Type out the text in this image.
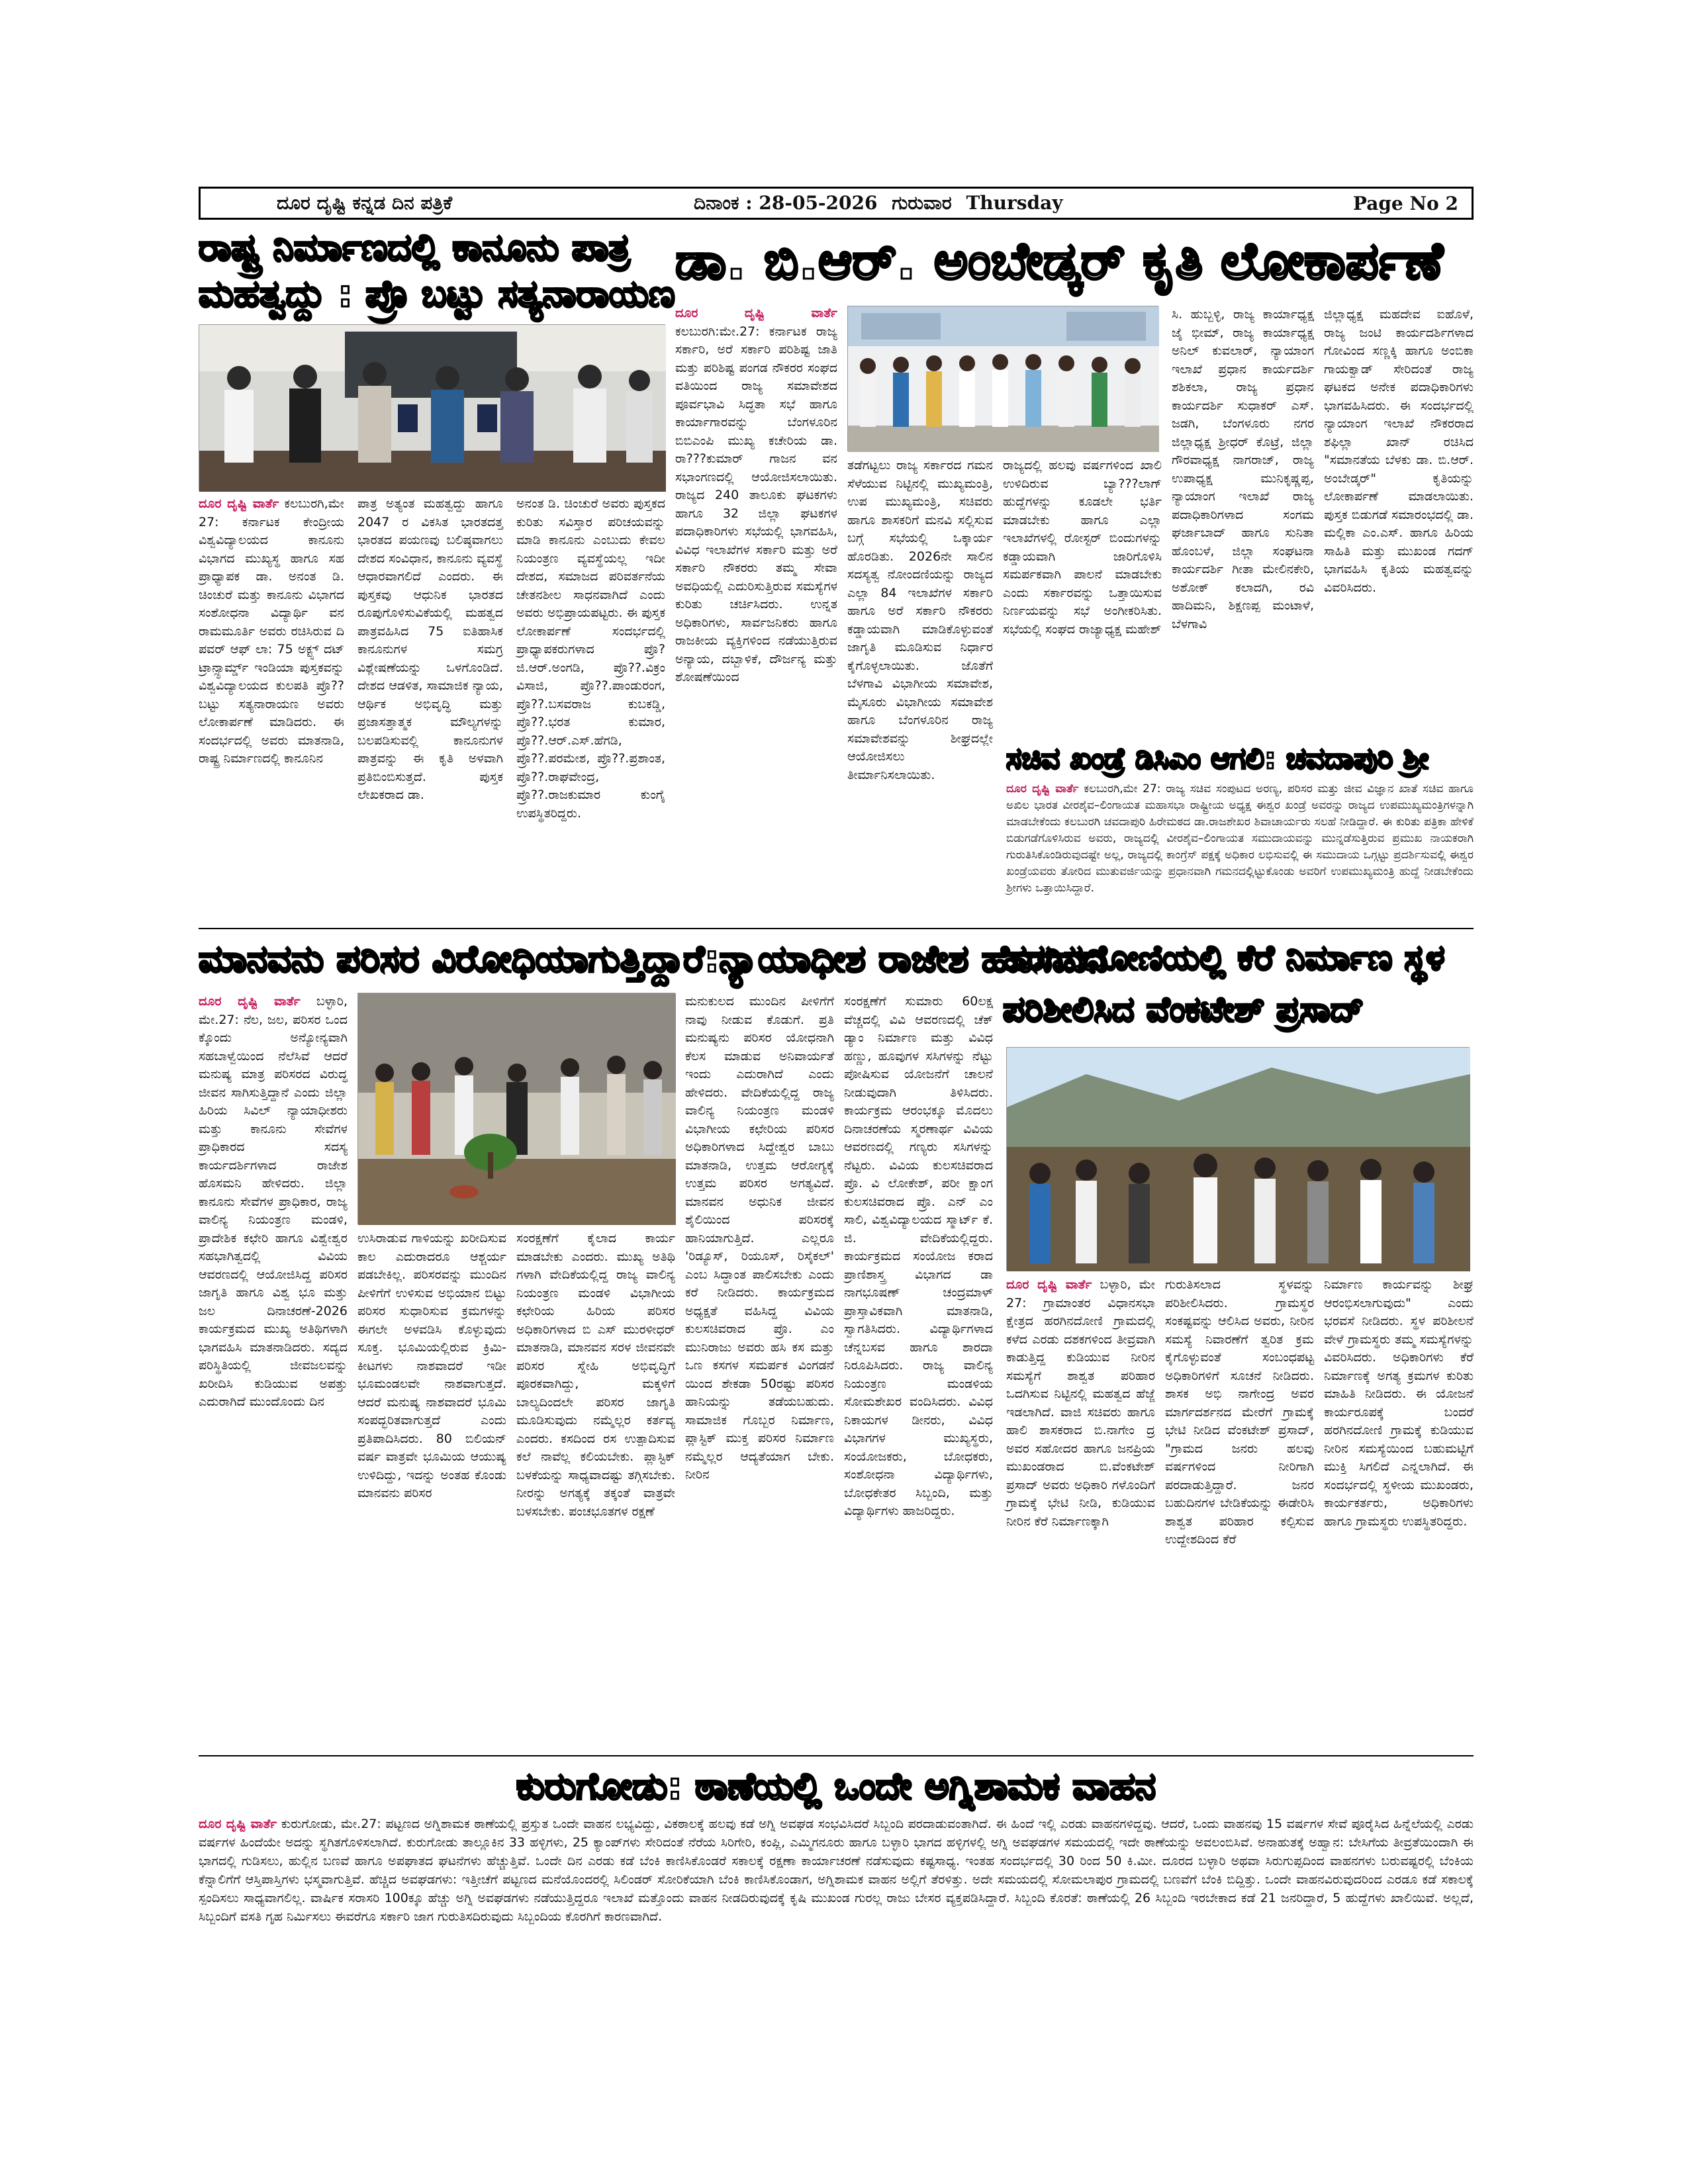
ದೂರ ದೃಷ್ಟಿ ಕನ್ನಡ ದಿನ ಪತ್ರಿಕೆ	ದಿನಾಂಕ : 28-05-2026 ಗುರುವಾರ Thursday	Page No 2
ರಾಷ್ಟ್ರ ನಿರ್ಮಾಣದಲ್ಲಿ ಕಾನೂನು ಪಾತ್ರ
ಮಹತ್ವದ್ದು : ಪ್ರೊ ಬಟ್ಟು ಸತ್ಯನಾರಾಯಣ
ದೂರ ದೃಷ್ಟಿ ವಾರ್ತೆ ಕಲಬುರಗಿ,ಮೇ 27: ಕರ್ನಾಟಕ ಕೇಂದ್ರೀಯ ವಿಶ್ವವಿದ್ಯಾಲಯದ ಕಾನೂನು ವಿಭಾಗದ ಮುಖ್ಯಸ್ಥ ಹಾಗೂ ಸಹ ಪ್ರಾಧ್ಯಾಪಕ ಡಾ. ಅನಂತ ಡಿ. ಚಿಂಚುರೆ ಮತ್ತು ಕಾನೂನು ವಿಭಾಗದ ಸಂಶೋಧನಾ ವಿದ್ಯಾರ್ಥಿ ವನ ರಾಮಮೂರ್ತಿ ಅವರು ರಚಿಸಿರುವ ದಿ ಪವರ್ ಆಫ್ ಲಾ: 75 ಅಕ್ಟ್ಸ್ ದಟ್ ಟ್ರಾನ್ಸ್ಫಾರ್ಮ್ಡ್ ಇಂಡಿಯಾ ಪುಸ್ತಕವನ್ನು ವಿಶ್ವವಿದ್ಯಾಲಯದ ಕುಲಪತಿ ಪ್ರೊ?? ಬಟ್ಟು ಸತ್ಯನಾರಾಯಣ ಅವರು ಲೋಕಾರ್ಪಣೆ ಮಾಡಿದರು. ಈ ಸಂದರ್ಭದಲ್ಲಿ ಅವರು ಮಾತನಾಡಿ, ರಾಷ್ಟ್ರ ನಿರ್ಮಾಣದಲ್ಲಿ ಕಾನೂನಿನ
ಪಾತ್ರ ಅತ್ಯಂತ ಮಹತ್ವದ್ದು ಹಾಗೂ 2047 ರ ವಿಕಸಿತ ಭಾರತದತ್ತ ಭಾರತದ ಪಯಣವು ಬಲಿಷ್ಠವಾಗಲು ದೇಶದ ಸಂವಿಧಾನ, ಕಾನೂನು ವ್ಯವಸ್ಥೆ ಆಧಾರವಾಗಲಿದೆ ಎಂದರು. ಈ ಪುಸ್ತಕವು ಆಧುನಿಕ ಭಾರತದ ರೂಪುಗೊಳಿಸುವಿಕೆಯಲ್ಲಿ ಮಹತ್ವದ ಪಾತ್ರವಹಿಸಿದ 75 ಐತಿಹಾಸಿಕ ಕಾನೂನುಗಳ ಸಮಗ್ರ ವಿಶ್ಲೇಷಣೆಯನ್ನು ಒಳಗೊಂಡಿದೆ. ದೇಶದ ಆಡಳಿತ, ಸಾಮಾಜಿಕ ನ್ಯಾಯ, ಆರ್ಥಿಕ ಅಭಿವೃದ್ಧಿ ಮತ್ತು ಪ್ರಜಾಸತ್ತಾತ್ಮಕ ಮೌಲ್ಯಗಳನ್ನು ಬಲಪಡಿಸುವಲ್ಲಿ ಕಾನೂನುಗಳ ಪಾತ್ರವನ್ನು ಈ ಕೃತಿ ಅಳವಾಗಿ ಪ್ರತಿಬಿಂಬಿಸುತ್ತದೆ. ಪುಸ್ತಕ ಲೇಖಕರಾದ ಡಾ.
ಅನಂತ ಡಿ. ಚಿಂಚುರೆ ಅವರು ಪುಸ್ತಕದ ಕುರಿತು ಸವಿಸ್ತಾರ ಪರಿಚಯವನ್ನು ಮಾಡಿ ಕಾನೂನು ಎಂಬುದು ಕೇವಲ ನಿಯಂತ್ರಣ ವ್ಯವಸ್ಥೆಯಲ್ಲ ಇದೀ ದೇಶದ, ಸಮಾಜದ ಪರಿವರ್ತನೆಯ ಚೇತನಶೀಲ ಸಾಧನವಾಗಿದೆ ಎಂದು ಅವರು ಅಭಿಪ್ರಾಯಪಟ್ಟರು. ಈ ಪುಸ್ತಕ ಲೋಕಾರ್ಪಣೆ ಸಂದರ್ಭದಲ್ಲಿ ಪ್ರಾಧ್ಯಾಪಕರುಗಳಾದ ಪ್ರೊ?ಜಿ.ಆರ್.ಅಂಗಡಿ, ಪ್ರೊ??.ವಿಕ್ರಂ ವಿಸಾಜಿ, ಪ್ರೊ??.ಪಾಂಡುರಂಗ, ಪ್ರೊ??.ಬಸವರಾಜ ಕುಬಕಡ್ಡಿ, ಪ್ರೊ??.ಭರತ ಕುಮಾರ, ಪ್ರೊ??.ಆರ್.ಎಸ್.ಹೆಗಡಿ, ಪ್ರೊ??.ಪರಮೇಶ, ಪ್ರೊ??.ಪ್ರಶಾಂತ, ಪ್ರೊ??.ರಾಘವೇಂದ್ರ, ಪ್ರೊ??.ರಾಜಕುಮಾರ ಕುಂಗೈ ಉಪಸ್ಥಿತರಿದ್ದರು.
ಡಾ. ಬಿ.ಆರ್. ಅಂಬೇಡ್ಕರ್ ಕೃತಿ ಲೋಕಾರ್ಪಣೆ
ದೂರ ದೃಷ್ಟಿ ವಾರ್ತೆ ಕಲಬುರಗಿ:ಮೇ.27: ಕರ್ನಾಟಕ ರಾಜ್ಯ ಸರ್ಕಾರಿ, ಅರೆ ಸರ್ಕಾರಿ ಪರಿಶಿಷ್ಟ ಜಾತಿ ಮತ್ತು ಪರಿಶಿಷ್ಟ ಪಂಗಡ ನೌಕರರ ಸಂಘದ ವತಿಯಿಂದ ರಾಜ್ಯ ಸಮಾವೇಶದ ಪೂರ್ವಭಾವಿ ಸಿದ್ಧತಾ ಸಭೆ ಹಾಗೂ ಕಾರ್ಯಾಗಾರವನ್ನು ಬೆಂಗಳೂರಿನ ಬಿಬಿಎಂಪಿ ಮುಖ್ಯ ಕಚೇರಿಯ ಡಾ. ರಾ???ಕುಮಾರ್ ಗಾಜನ ವನ ಸಭಾಂಗಣದಲ್ಲಿ ಆಯೋಜಿಸಲಾಯಿತು. ರಾಜ್ಯದ 240 ತಾಲೂಕು ಘಟಕಗಳು ಹಾಗೂ 32 ಜಿಲ್ಲಾ ಘಟಕಗಳ ಪದಾಧಿಕಾರಿಗಳು ಸಭೆಯಲ್ಲಿ ಭಾಗವಹಿಸಿ, ವಿವಿಧ ಇಲಾಖೆಗಳ ಸರ್ಕಾರಿ ಮತ್ತು ಅರೆ ಸರ್ಕಾರಿ ನೌಕರರು ತಮ್ಮ ಸೇವಾ ಅವಧಿಯಲ್ಲಿ ಎದುರಿಸುತ್ತಿರುವ ಸಮಸ್ಯೆಗಳ ಕುರಿತು ಚರ್ಚಿಸಿದರು. ಉನ್ನತ ಅಧಿಕಾರಿಗಳು, ಸಾರ್ವಜನಿಕರು ಹಾಗೂ ರಾಜಕೀಯ ವ್ಯಕ್ತಿಗಳಿಂದ ನಡೆಯುತ್ತಿರುವ ಅನ್ಯಾಯ, ದಬ್ಬಾಳಿಕೆ, ದೌರ್ಜನ್ಯ ಮತ್ತು ಶೋಷಣೆಯಿಂದ
ತಡೆಗಟ್ಟಲು ರಾಜ್ಯ ಸರ್ಕಾರದ ಗಮನ ಸೆಳೆಯುವ ನಿಟ್ಟಿನಲ್ಲಿ ಮುಖ್ಯಮಂತ್ರಿ, ಉಪ ಮುಖ್ಯಮಂತ್ರಿ, ಸಚಿವರು ಹಾಗೂ ಶಾಸಕರಿಗೆ ಮನವಿ ಸಲ್ಲಿಸುವ ಬಗ್ಗೆ ಸಭೆಯಲ್ಲಿ ಒಕ್ಕಾರ್ಯ ಹೊರಡಿತು. 2026ನೇ ಸಾಲಿನ ಸದಸ್ಯತ್ವ ನೋಂದಣಿಯನ್ನು ರಾಜ್ಯದ ಎಲ್ಲಾ 84 ಇಲಾಖೆಗಳ ಸರ್ಕಾರಿ ಹಾಗೂ ಅರೆ ಸರ್ಕಾರಿ ನೌಕರರು ಕಡ್ಡಾಯವಾಗಿ ಮಾಡಿಕೊಳ್ಳುವಂತೆ ಜಾಗೃತಿ ಮೂಡಿಸುವ ನಿರ್ಧಾರ ಕೈಗೊಳ್ಳಲಾಯಿತು. ಜೊತೆಗೆ ಬೆಳಗಾವಿ ವಿಭಾಗೀಯ ಸಮಾವೇಶ, ಮೈಸೂರು ವಿಭಾಗೀಯ ಸಮಾವೇಶ ಹಾಗೂ ಬೆಂಗಳೂರಿನ ರಾಜ್ಯ ಸಮಾವೇಶವನ್ನು ಶೀಘ್ರದಲ್ಲೇ ಆಯೋಜಿಸಲು ತೀರ್ಮಾನಿಸಲಾಯಿತು.
ರಾಜ್ಯದಲ್ಲಿ ಹಲವು ವರ್ಷಗಳಿಂದ ಖಾಲಿ ಉಳಿದಿರುವ ಬ್ಯಾ???ಲಾಗ್ ಹುದ್ದೆಗಳನ್ನು ಕೂಡಲೇ ಭರ್ತಿ ಮಾಡಬೇಕು ಹಾಗೂ ಎಲ್ಲಾ ಇಲಾಖೆಗಳಲ್ಲಿ ರೋಸ್ಟರ್ ಬಿಂದುಗಳನ್ನು ಕಡ್ಡಾಯವಾಗಿ ಜಾರಿಗೊಳಿಸಿ ಸಮರ್ಪಕವಾಗಿ ಪಾಲನೆ ಮಾಡಬೇಕು ಎಂದು ಸರ್ಕಾರವನ್ನು ಒತ್ತಾಯಿಸುವ ನಿರ್ಣಯವನ್ನು ಸಭೆ ಅಂಗೀಕರಿಸಿತು. ಸಭೆಯಲ್ಲಿ ಸಂಘದ ರಾಜ್ಯಾಧ್ಯಕ್ಷ ಮಹೇಶ್
ಸಿ. ಹುಬ್ಬಳ್ಳಿ, ರಾಜ್ಯ ಕಾರ್ಯಾಧ್ಯಕ್ಷ ಜೈ ಭೀಮ್, ರಾಜ್ಯ ಕಾರ್ಯಾಧ್ಯಕ್ಷ ಅನಿಲ್ ಕುವಲಾರ್, ನ್ಯಾಯಾಂಗ ಇಲಾಖೆ ಪ್ರಧಾನ ಕಾರ್ಯದರ್ಶಿ ಶಶಿಕಲಾ, ರಾಜ್ಯ ಪ್ರಧಾನ ಕಾರ್ಯದರ್ಶಿ ಸುಧಾಕರ್ ಎಸ್. ಜಡಗಿ, ಬೆಂಗಳೂರು ನಗರ ಜಿಲ್ಲಾಧ್ಯಕ್ಷ ಶ್ರೀಧರ್ ಕೊಟ್ರೆ, ಜಿಲ್ಲಾ ಗೌರವಾಧ್ಯಕ್ಷ ನಾಗರಾಜ್, ರಾಜ್ಯ ಉಪಾಧ್ಯಕ್ಷ ಮುನಿಕೃಷ್ಣಪ್ಪ, ನ್ಯಾಯಾಂಗ ಇಲಾಖೆ ರಾಜ್ಯ ಪದಾಧಿಕಾರಿಗಳಾದ ಸಂಗಮ ಘರ್ಜಾಬಾದ್ ಹಾಗೂ ಸುನಿತಾ ಹೊಂಬಳೆ, ಜಿಲ್ಲಾ ಸಂಘಟನಾ ಕಾರ್ಯದರ್ಶಿ ಗೀತಾ ಮೇಲಿನಕೇರಿ, ಅಶೋಕ್ ಕಲಾದಗಿ, ರವಿ ಹಾದಿಮನಿ, ಶಿಕ್ಷಣಪ್ಪ ಮಂಟಾಳೆ, ಬೆಳಗಾವಿ
ಜಿಲ್ಲಾಧ್ಯಕ್ಷ ಮಹದೇವ ಐಹೊಳೆ, ರಾಜ್ಯ ಜಂಟಿ ಕಾರ್ಯದರ್ಶಿಗಳಾದ ಗೋವಿಂದ ಸಣ್ಣಕ್ಕಿ ಹಾಗೂ ಅಂಬಿಕಾ ಗಾಯಕ್ವಾಡ್ ಸೇರಿದಂತೆ ರಾಜ್ಯ ಘಟಕದ ಅನೇಕ ಪದಾಧಿಕಾರಿಗಳು ಭಾಗವಹಿಸಿದರು. ಈ ಸಂದರ್ಭದಲ್ಲಿ ನ್ಯಾಯಾಂಗ ಇಲಾಖೆ ನೌಕರರಾದ ಶಫಿಲ್ಲಾ ಖಾನ್ ರಚಿಸಿದ "ಸಮಾನತೆಯ ಬೆಳಕು ಡಾ. ಬಿ.ಆರ್. ಅಂಬೇಡ್ಕರ್" ಕೃತಿಯನ್ನು ಲೋಕಾರ್ಪಣೆ ಮಾಡಲಾಯಿತು. ಪುಸ್ತಕ ಬಿಡುಗಡೆ ಸಮಾರಂಭದಲ್ಲಿ ಡಾ. ಮಲ್ಲಿಕಾ ಎಂ.ಎಸ್. ಹಾಗೂ ಹಿರಿಯ ಸಾಹಿತಿ ಮತ್ತು ಮುಖಂಡ ಗದಗ್ ಭಾಗವಹಿಸಿ ಕೃತಿಯ ಮಹತ್ವವನ್ನು ವಿವರಿಸಿದರು.
ಸಚಿವ ಖಂಡ್ರೆ ಡಿಸಿಎಂ ಆಗಲಿ: ಚವದಾಪುರಿ ಶ್ರೀ
ದೂರ ದೃಷ್ಟಿ ವಾರ್ತೆ ಕಲಬುರಗಿ,ಮೇ 27: ರಾಜ್ಯ ಸಚಿವ ಸಂಪುಟದ ಅರಣ್ಯ, ಪರಿಸರ ಮತ್ತು ಜೀವ ವಿಜ್ಞಾನ ಖಾತೆ ಸಚಿವ ಹಾಗೂ ಅಖಿಲ ಭಾರತ ವೀರಶೈವ–ಲಿಂಗಾಯತ ಮಹಾಸಭಾ ರಾಷ್ಟ್ರೀಯ ಅಧ್ಯಕ್ಷ ಈಶ್ವರ ಖಂಡ್ರೆ ಅವರನ್ನು ರಾಜ್ಯದ ಉಪಮುಖ್ಯಮಂತ್ರಿಗಳನ್ನಾಗಿ ಮಾಡಬೇಕೆಂದು ಕಲಬುರಗಿ ಚವದಾಪುರಿ ಹಿರೇಮಠದ ಡಾ.ರಾಜಶೇಖರ ಶಿವಾಚಾರ್ಯರು ಸಲಹೆ ನೀಡಿದ್ದಾರೆ. ಈ ಕುರಿತು ಪತ್ರಿಕಾ ಹೇಳಿಕೆ ಬಿಡುಗಡೆಗೊಳಿಸಿರುವ ಅವರು, ರಾಜ್ಯದಲ್ಲಿ ವೀರಶೈವ–ಲಿಂಗಾಯತ ಸಮುದಾಯವನ್ನು ಮುನ್ನಡೆಸುತ್ತಿರುವ ಪ್ರಮುಖ ನಾಯಕರಾಗಿ ಗುರುತಿಸಿಕೊಂಡಿರುವುದಷ್ಟೇ ಅಲ್ಲ, ರಾಜ್ಯದಲ್ಲಿ ಕಾಂಗ್ರೆಸ್ ಪಕ್ಷಕ್ಕೆ ಅಧಿಕಾರ ಲಭಿಸುವಲ್ಲಿ ಈ ಸಮುದಾಯ ಒಗ್ಗಟ್ಟು ಪ್ರದರ್ಶಿಸುವಲ್ಲಿ ಈಶ್ವರ ಖಂಡ್ರೆಯವರು ತೋರಿದ ಮುತುವರ್ಜಿಯನ್ನು ಪ್ರಧಾನವಾಗಿ ಗಮನದಲ್ಲಿಟ್ಟುಕೊಂಡು ಅವರಿಗೆ ಉಪಮುಖ್ಯಮಂತ್ರಿ ಹುದ್ದೆ ನೀಡಬೇಕೆಂದು ಶ್ರೀಗಳು ಒತ್ತಾಯಿಸಿದ್ದಾರೆ.
ಮಾನವನು ಪರಿಸರ ವಿರೋಧಿಯಾಗುತ್ತಿದ್ದಾರೆ:ನ್ಯಾಯಾಧೀಶ ರಾಜೇಶ ಹೊಸಮನಿ
ದೂರ ದೃಷ್ಟಿ ವಾರ್ತೆ ಬಳ್ಳಾರಿ, ಮೇ.27: ನೆಲ, ಜಲ, ಪರಿಸರ ಒಂದ ಕ್ಕೊಂದು ಅನ್ಯೋನ್ಯವಾಗಿ ಸಹಬಾಳ್ವೆಯಿಂದ ನೆಲೆಸಿವೆ ಆದರೆ ಮನುಷ್ಯ ಮಾತ್ರ ಪರಿಸರದ ವಿರುದ್ಧ ಜೀವನ ಸಾಗಿಸುತ್ತಿದ್ದಾನೆ ಎಂದು ಜಿಲ್ಲಾ ಹಿರಿಯ ಸಿವಿಲ್ ನ್ಯಾಯಾಧೀಶರು ಮತ್ತು ಕಾನೂನು ಸೇವೆಗಳ ಪ್ರಾಧಿಕಾರದ ಸದಸ್ಯ ಕಾರ್ಯದರ್ಶಿಗಳಾದ ರಾಜೇಶ ಹೊಸಮನಿ ಹೇಳಿದರು. ಜಿಲ್ಲಾ ಕಾನೂನು ಸೇವೆಗಳ ಪ್ರಾಧಿಕಾರ, ರಾಜ್ಯ ವಾಲಿನ್ಯ ನಿಯಂತ್ರಣ ಮಂಡಳಿ, ಪ್ರಾದೇಶಿಕ ಕಛೇರಿ ಹಾಗೂ ವಿಶ್ವೇಶ್ವರ ಸಹಭಾಗಿತ್ವದಲ್ಲಿ ವಿವಿಯ ಆವರಣದಲ್ಲಿ ಆಯೋಜಿಸಿದ್ದ ಪರಿಸರ ಜಾಗೃತಿ ಹಾಗೂ ವಿಶ್ವ ಭೂ ಮತ್ತು ಜಲ ದಿನಾಚರಣೆ-2026 ಕಾರ್ಯಕ್ರಮದ ಮುಖ್ಯ ಅತಿಥಿಗಳಾಗಿ ಭಾಗವಹಿಸಿ ಮಾತನಾಡಿದರು. ಸದ್ಯದ ಪರಿಸ್ಥಿತಿಯಲ್ಲಿ ಜೀವಜಲವನ್ನು ಖರೀದಿಸಿ ಕುಡಿಯುವ ಅಪತ್ತು ಎದುರಾಗಿದೆ ಮುಂದೊಂದು ದಿನ
ಉಸಿರಾಡುವ ಗಾಳಿಯನ್ನು ಖರೀದಿಸುವ ಕಾಲ ಎದುರಾದರೂ ಆಶ್ಚರ್ಯ ಪಡಬೇಕಿಲ್ಲ. ಪರಿಸರವನ್ನು ಮುಂದಿನ ಪೀಳಿಗೆಗೆ ಉಳಿಸುವ ಅಭಿಯಾನ ಬಿಟ್ಟು ಪರಿಸರ ಸುಧಾರಿಸುವ ಕ್ರಮಗಳನ್ನು ಈಗಲೇ ಅಳವಡಿಸಿ ಕೊಳ್ಳುವುದು ಸೂಕ್ತ. ಭೂಮಿಯಲ್ಲಿರುವ ಕ್ರಿಮಿ-ಕೀಟಗಳು ನಾಶವಾದರೆ ಇಡೀ ಭೂಮಂಡಲವೇ ನಾಶವಾಗುತ್ತದೆ. ಆದರೆ ಮನುಷ್ಯ ನಾಶವಾದರೆ ಭೂಮಿ ಸಂಪದ್ಭರಿತವಾಗುತ್ತದೆ ಎಂದು ಪ್ರತಿಪಾದಿಸಿದರು. 80 ಬಿಲಿಯನ್ ವರ್ಷ ವಾತ್ರವೇ ಭೂಮಿಯ ಆಯುಷ್ಯ ಉಳಿದಿದ್ದು, ಇದನ್ನು ಅಂತಹ ಕೊಂಡು ಮಾನವನು ಪರಿಸರ
ಸಂರಕ್ಷಣೆಗೆ ಕೈಲಾದ ಕಾರ್ಯ ಮಾಡಬೇಕು ಎಂದರು. ಮುಖ್ಯ ಅತಿಥಿ ಗಳಾಗಿ ವೇದಿಕೆಯಲ್ಲಿದ್ದ ರಾಜ್ಯ ವಾಲಿನ್ಯ ನಿಯಂತ್ರಣ ಮಂಡಳಿ ವಿಭಾಗೀಯ ಕಛೇರಿಯ ಹಿರಿಯ ಪರಿಸರ ಅಧಿಕಾರಿಗಳಾದ ಬಿ ಎಸ್ ಮುರಳೀಧರ್ ಮಾತನಾಡಿ, ಮಾನವನ ಸರಳ ಜೀವನವೇ ಪರಿಸರ ಸ್ನೇಹಿ ಅಭಿವೃದ್ಧಿಗೆ ಪೂರಕವಾಗಿದ್ದು, ಮಕ್ಕಳಿಗೆ ಬಾಲ್ಯದಿಂದಲೇ ಪರಿಸರ ಜಾಗೃತಿ ಮೂಡಿಸುವುದು ನಮ್ಮೆಲ್ಲರ ಕರ್ತವ್ಯ ಎಂದರು. ಕಸದಿಂದ ರಸ ಉತ್ಪಾದಿಸುವ ಕಲೆ ನಾವೆಲ್ಲ ಕಲಿಯಬೇಕು. ಪ್ಲಾಸ್ಟಿಕ್ ಬಳಕೆಯನ್ನು ಸಾಧ್ಯವಾದಷ್ಟು ತಗ್ಗಿಸಬೇಕು. ನೀರನ್ನು ಅಗತ್ಯಕ್ಕೆ ತಕ್ಕಂತೆ ವಾತ್ರವೇ ಬಳಸಬೇಕು. ಪಂಚಭೂತಗಳ ರಕ್ಷಣೆ
ಮನುಕುಲದ ಮುಂದಿನ ಪೀಳಿಗೆಗೆ ನಾವು ನೀಡುವ ಕೊಡುಗೆ. ಪ್ರತಿ ಮನುಷ್ಯನು ಪರಿಸರ ಯೋಧನಾಗಿ ಕೆಲಸ ಮಾಡುವ ಅನಿವಾರ್ಯತೆ ಇಂದು ಎದುರಾಗಿದೆ ಎಂದು ಹೇಳಿದರು. ವೇದಿಕೆಯಲ್ಲಿದ್ದ ರಾಜ್ಯ ವಾಲಿನ್ಯ ನಿಯಂತ್ರಣ ಮಂಡಳಿ ವಿಭಾಗೀಯ ಕಛೇರಿಯ ಪರಿಸರ ಅಧಿಕಾರಿಗಳಾದ ಸಿದ್ದೇಶ್ವರ ಬಾಬು ಮಾತನಾಡಿ, ಉತ್ತಮ ಆರೋಗ್ಯಕ್ಕೆ ಉತ್ತಮ ಪರಿಸರ ಅಗತ್ಯವಿದೆ. ಮಾನವನ ಅಧುನಿಕ ಜೀವನ ಶೈಲಿಯಿಂದ ಪರಿಸರಕ್ಕೆ ಹಾನಿಯಾಗುತ್ತಿದೆ. ಎಲ್ಲರೂ 'ರಿಡ್ಯೂಸ್, ರಿಯೂಸ್, ರಿಸೈಕಲ್' ಎಂಬ ಸಿದ್ಧಾಂತ ಪಾಲಿಸಬೇಕು ಎಂದು ಕರೆ ನೀಡಿದರು. ಕಾರ್ಯಕ್ರಮದ ಅಧ್ಯಕ್ಷತೆ ವಹಿಸಿದ್ದ ವಿವಿಯ ಕುಲಸಚಿವರಾದ ಪ್ರೊ. ಎಂ ಮುನಿರಾಜು ಅವರು ಹಸಿ ಕಸ ಮತ್ತು ಒಣ ಕಸಗಳ ಸಮರ್ಪಕ ವಿಂಗಡನೆ ಯಿಂದ ಶೇಕಡಾ 50ರಷ್ಟು ಪರಿಸರ ಹಾನಿಯನ್ನು ತಡೆಯಬಹುದು. ಸಾಮಾಜಿಕ ಗೊಬ್ಬರ ನಿರ್ಮಾಣ, ಪ್ಲಾಸ್ಟಿಕ್ ಮುಕ್ತ ಪರಿಸರ ನಿರ್ಮಾಣ ನಮ್ಮೆಲ್ಲರ ಆದ್ಯತೆಯಾಗ ಬೇಕು. ನೀರಿನ
ಸಂರಕ್ಷಣೆಗೆ ಸುಮಾರು 60ಲಕ್ಷ ವೆಚ್ಚದಲ್ಲಿ ವಿವಿ ಆವರಣದಲ್ಲಿ ಚೆಕ್ ಡ್ಯಾಂ ನಿರ್ಮಾಣ ಮತ್ತು ವಿವಿಧ ಹಣ್ಣು, ಹೂವುಗಳ ಸಸಿಗಳನ್ನು ನೆಟ್ಟು ಪೋಷಿಸುವ ಯೋಜನೆಗೆ ಚಾಲನೆ ನೀಡುವುದಾಗಿ ತಿಳಿಸಿದರು. ಕಾರ್ಯಕ್ರಮ ಆರಂಭಕ್ಕೂ ಮೊದಲು ದಿನಾಚರಣೆಯ ಸ್ಮರಣಾರ್ಥ ವಿವಿಯ ಆವರಣದಲ್ಲಿ ಗಣ್ಯರು ಸಸಿಗಳನ್ನು ನೆಟ್ಟರು. ವಿವಿಯ ಕುಲಸಚಿವರಾದ ಪ್ರೊ. ವಿ ಲೋಕೇಶ್, ಪರೀ ಕ್ಷಾಂಗ ಕುಲಸಚಿವರಾದ ಪ್ರೊ. ಎನ್ ಎಂ ಸಾಲಿ, ವಿಶ್ವವಿದ್ಯಾಲಯದ ಸ್ಮಾರ್ಟ್ ಕೆ. ಜಿ. ವೇದಿಕೆಯಲ್ಲಿದ್ದರು. ಕಾರ್ಯಕ್ರಮದ ಸಂಯೋಜ ಕರಾದ ಪ್ರಾಣಿಶಾಸ್ತ್ರ ವಿಭಾಗದ ಡಾ ನಾಗಭೂಷಣ್ ಚಂದ್ರಮಾಳ್ ಪ್ರಾಸ್ತಾವಿಕವಾಗಿ ಮಾತನಾಡಿ, ಸ್ವಾಗತಿಸಿದರು. ವಿದ್ಯಾರ್ಥಿಗಳಾದ ಚೆನ್ನಬಸವ ಹಾಗೂ ಶಾರದಾ ನಿರೂಪಿಸಿದರು. ರಾಜ್ಯ ವಾಲಿನ್ಯ ನಿಯಂತ್ರಣ ಮಂಡಳಿಯ ಸೋಮಶೇಖರ ವಂದಿಸಿದರು. ವಿವಿಧ ನಿಕಾಯಗಳ ಡೀನರು, ವಿವಿಧ ವಿಭಾಗಗಳ ಮುಖ್ಯಸ್ಥರು, ಸಂಯೋಜಕರು, ಬೋಧಕರು, ಸಂಶೋಧನಾ ವಿದ್ಯಾರ್ಥಿಗಳು, ಬೋಧಕೇತರ ಸಿಬ್ಬಂದಿ, ಮತ್ತು ವಿದ್ಯಾರ್ಥಿಗಳು ಹಾಜರಿದ್ದರು.
ಹರಗಿನದೋಣಿಯಲ್ಲಿ ಕೆರೆ ನಿರ್ಮಾಣ ಸ್ಥಳ
ಪರಿಶೀಲಿಸಿದ ವೆಂಕಟೇಶ್ ಪ್ರಸಾದ್
ದೂರ ದೃಷ್ಟಿ ವಾರ್ತೆ ಬಳ್ಳಾರಿ, ಮೇ 27: ಗ್ರಾಮಾಂತರ ವಿಧಾನಸಭಾ ಕ್ಷೇತ್ರದ ಹರಗಿನದೋಣಿ ಗ್ರಾಮದಲ್ಲಿ ಕಳೆದ ಎರಡು ದಶಕಗಳಿಂದ ತೀವ್ರವಾಗಿ ಕಾಡುತ್ತಿದ್ದ ಕುಡಿಯುವ ನೀರಿನ ಸಮಸ್ಯೆಗೆ ಶಾಶ್ವತ ಪರಿಹಾರ ಒದಗಿಸುವ ನಿಟ್ಟಿನಲ್ಲಿ ಮಹತ್ವದ ಹೆಜ್ಜೆ ಇಡಲಾಗಿದೆ. ವಾಜಿ ಸಚಿವರು ಹಾಗೂ ಹಾಲಿ ಶಾಸಕರಾದ ಬಿ.ನಾಗೇಂ ದ್ರ ಅವರ ಸಹೋದರ ಹಾಗೂ ಜನಪ್ರಿಯ ಮುಖಂಡರಾದ ಬಿ.ವೆಂಕಟೇಶ್ ಪ್ರಸಾದ್ ಅವರು ಅಧಿಕಾರಿ ಗಳೊಂದಿಗೆ ಗ್ರಾಮಕ್ಕೆ ಭೇಟಿ ನೀಡಿ, ಕುಡಿಯುವ ನೀರಿನ ಕೆರೆ ನಿರ್ಮಾಣಕ್ಕಾಗಿ
ಗುರುತಿಸಲಾದ ಸ್ಥಳವನ್ನು ಪರಿಶೀಲಿಸಿದರು. ಗ್ರಾಮಸ್ಥರ ಸಂಕಷ್ಟವನ್ನು ಆಲಿಸಿದ ಅವರು, ನೀರಿನ ಸಮಸ್ಯೆ ನಿವಾರಣೆಗೆ ತ್ವರಿತ ಕ್ರಮ ಕೈಗೊಳ್ಳುವಂತೆ ಸಂಬಂಧಪಟ್ಟ ಅಧಿಕಾರಿಗಳಿಗೆ ಸೂಚನೆ ನೀಡಿದರು. ಶಾಸಕ ಅಭಿ ನಾಗೇಂದ್ರ ಅವರ ಮಾರ್ಗದರ್ಶನದ ಮೇರೆಗೆ ಗ್ರಾಮಕ್ಕೆ ಭೇಟಿ ನೀಡಿದ ವೆಂಕಟೇಶ್ ಪ್ರಸಾದ್, "ಗ್ರಾಮದ ಜನರು ಹಲವು ವರ್ಷಗಳಿಂದ ನೀರಿಗಾಗಿ ಪರದಾಡುತ್ತಿದ್ದಾರೆ. ಜನರ ಬಹುದಿನಗಳ ಬೇಡಿಕೆಯನ್ನು ಈಡೇರಿಸಿ ಶಾಶ್ವತ ಪರಿಹಾರ ಕಲ್ಪಿಸುವ ಉದ್ದೇಶದಿಂದ ಕೆರೆ
ನಿರ್ಮಾಣ ಕಾರ್ಯವನ್ನು ಶೀಘ್ರ ಆರಂಭಿಸಲಾಗುವುದು" ಎಂದು ಭರವಸೆ ನೀಡಿದರು. ಸ್ಥಳ ಪರಿಶೀಲನೆ ವೇಳೆ ಗ್ರಾಮಸ್ಥರು ತಮ್ಮ ಸಮಸ್ಯೆಗಳನ್ನು ವಿವರಿಸಿದರು. ಅಧಿಕಾರಿಗಳು ಕೆರೆ ನಿರ್ಮಾಣಕ್ಕೆ ಅಗತ್ಯ ಕ್ರಮಗಳ ಕುರಿತು ಮಾಹಿತಿ ನೀಡಿದರು. ಈ ಯೋಜನೆ ಕಾರ್ಯರೂಪಕ್ಕೆ ಬಂದರೆ ಹರಗಿನದೋಣಿ ಗ್ರಾಮಕ್ಕೆ ಕುಡಿಯುವ ನೀರಿನ ಸಮಸ್ಯೆಯಿಂದ ಬಹುಮಟ್ಟಿಗೆ ಮುಕ್ತಿ ಸಿಗಲಿದೆ ಎನ್ನಲಾಗಿದೆ. ಈ ಸಂದರ್ಭದಲ್ಲಿ ಸ್ಥಳೀಯ ಮುಖಂಡರು, ಕಾರ್ಯಕರ್ತರು, ಅಧಿಕಾರಿಗಳು ಹಾಗೂ ಗ್ರಾಮಸ್ಥರು ಉಪಸ್ಥಿತರಿದ್ದರು.
ಕುರುಗೋಡು: ಠಾಣೆಯಲ್ಲಿ ಒಂದೇ ಅಗ್ನಿಶಾಮಕ ವಾಹನ
ದೂರ ದೃಷ್ಟಿ ವಾರ್ತೆ ಕುರುಗೋಡು, ಮೇ.27: ಪಟ್ಟಣದ ಅಗ್ನಿಶಾಮಕ ಠಾಣೆಯಲ್ಲಿ ಪ್ರಸ್ತುತ ಒಂದೇ ವಾಹನ ಲಭ್ಯವಿದ್ದು, ವಿಕಠಾಲಕ್ಕೆ ಹಲವು ಕಡೆ ಅಗ್ನಿ ಅವಘಡ ಸಂಭವಿಸಿದರೆ ಸಿಬ್ಬಂದಿ ಪರದಾಡುವಂತಾಗಿದೆ. ಈ ಹಿಂದೆ ಇಲ್ಲಿ ಎರಡು ವಾಹನಗಳಿದ್ದವು. ಆದರೆ, ಒಂದು ವಾಹನವು 15 ವರ್ಷಗಳ ಸೇವೆ ಪೂರೈಸಿದ ಹಿನ್ನೆಲೆಯಲ್ಲಿ ಎರಡು ವರ್ಷಗಳ ಹಿಂದೆಯೇ ಅದನ್ನು ಸ್ಥಗಿತಗೊಳಿಸಲಾಗಿದೆ. ಕುರುಗೋಡು ತಾಲ್ಲೂಕಿನ 33 ಹಳ್ಳಿಗಳು, 25 ಕ್ಯಾಂಪ್‌ಗಳು ಸೇರಿದಂತೆ ನೆರೆಯ ಸಿರಿಗೇರಿ, ಕಂಪ್ಲಿ, ಎಮ್ಮಿಗನೂರು ಹಾಗೂ ಬಳ್ಳಾರಿ ಭಾಗದ ಹಳ್ಳಿಗಳಲ್ಲಿ ಅಗ್ನಿ ಅವಘಡಗಳ ಸಮಯದಲ್ಲಿ ಇದೇ ಠಾಣೆಯನ್ನು ಅವಲಂಬಿಸಿವೆ. ಅನಾಹುತಕ್ಕೆ ಅಹ್ವಾನ: ಬೇಸಿಗೆಯ ತೀವ್ರತೆಯಿಂದಾಗಿ ಈ ಭಾಗದಲ್ಲಿ ಗುಡಿಸಲು, ಹುಲ್ಲಿನ ಬಣವೆ ಹಾಗೂ ಅಪಘಾತದ ಘಟನೆಗಳು ಹೆಚ್ಚುತ್ತಿವೆ. ಒಂದೇ ದಿನ ಎರಡು ಕಡೆ ಬೆಂಕಿ ಕಾಣಿಸಿಕೊಂಡರೆ ಸಕಾಲಕ್ಕೆ ರಕ್ಷಣಾ ಕಾರ್ಯಾಚರಣೆ ನಡೆಸುವುದು ಕಷ್ಟಸಾಧ್ಯ. ಇಂತಹ ಸಂದರ್ಭದಲ್ಲಿ 30 ರಿಂದ 50 ಕಿ.ಮೀ. ದೂರದ ಬಳ್ಳಾರಿ ಅಥವಾ ಸಿರುಗುಪ್ಪದಿಂದ ವಾಹನಗಳು ಬರುವಷ್ಟರಲ್ಲಿ ಬೆಂಕಿಯ ಕೆನ್ನಾಲಿಗೆಗೆ ಆಸ್ತಿಪಾಸ್ತಿಗಳು ಭಸ್ಮವಾಗುತ್ತಿವೆ. ಹೆಚ್ಚಿದ ಅವಘಡಗಳು: ಇತ್ತೀಚೆಗೆ ಪಟ್ಟಣದ ಮನೆಯೊಂದರಲ್ಲಿ ಸಿಲಿಂಡರ್ ಸೋರಿಕೆಯಾಗಿ ಬೆಂಕಿ ಕಾಣಿಸಿಕೊಂಡಾಗ, ಅಗ್ನಿಶಾಮಕ ವಾಹನ ಅಲ್ಲಿಗೆ ತೆರಳಿತ್ತು. ಅದೇ ಸಮಯದಲ್ಲಿ ಸೋಮಲಾಪುರ ಗ್ರಾಮದಲ್ಲಿ ಬಣವೆಗೆ ಬೆಂಕಿ ಬಿದ್ದಿತ್ತು. ಒಂದೇ ವಾಹನವಿರುವುದರಿಂದ ಎರಡೂ ಕಡೆ ಸಕಾಲಕ್ಕೆ ಸ್ಪಂದಿಸಲು ಸಾಧ್ಯವಾಗಲಿಲ್ಲ. ವಾರ್ಷಿಕ ಸರಾಸರಿ 100ಕ್ಕೂ ಹೆಚ್ಚು ಅಗ್ನಿ ಅವಘಡಗಳು ನಡೆಯುತ್ತಿದ್ದರೂ ಇಲಾಖೆ ಮತ್ತೊಂದು ವಾಹನ ನೀಡದಿರುವುದಕ್ಕೆ ಕೃಷಿ ಮುಖಂಡ ಗುರಲ್ಲ ರಾಜು ಬೇಸರ ವ್ಯಕ್ತಪಡಿಸಿದ್ದಾರೆ. ಸಿಬ್ಬಂದಿ ಕೊರತೆ: ಠಾಣೆಯಲ್ಲಿ 26 ಸಿಬ್ಬಂದಿ ಇರಬೇಕಾದ ಕಡೆ 21 ಜನರಿದ್ದಾರೆ, 5 ಹುದ್ದೆಗಳು ಖಾಲಿಯಿವೆ. ಅಲ್ಲದೆ, ಸಿಬ್ಬಂದಿಗೆ ವಸತಿ ಗೃಹ ನಿರ್ಮಿಸಲು ಈವರೆಗೂ ಸರ್ಕಾರಿ ಜಾಗ ಗುರುತಿಸದಿರುವುದು ಸಿಬ್ಬಂದಿಯ ಕೊರಗಿಗೆ ಕಾರಣವಾಗಿದೆ.
